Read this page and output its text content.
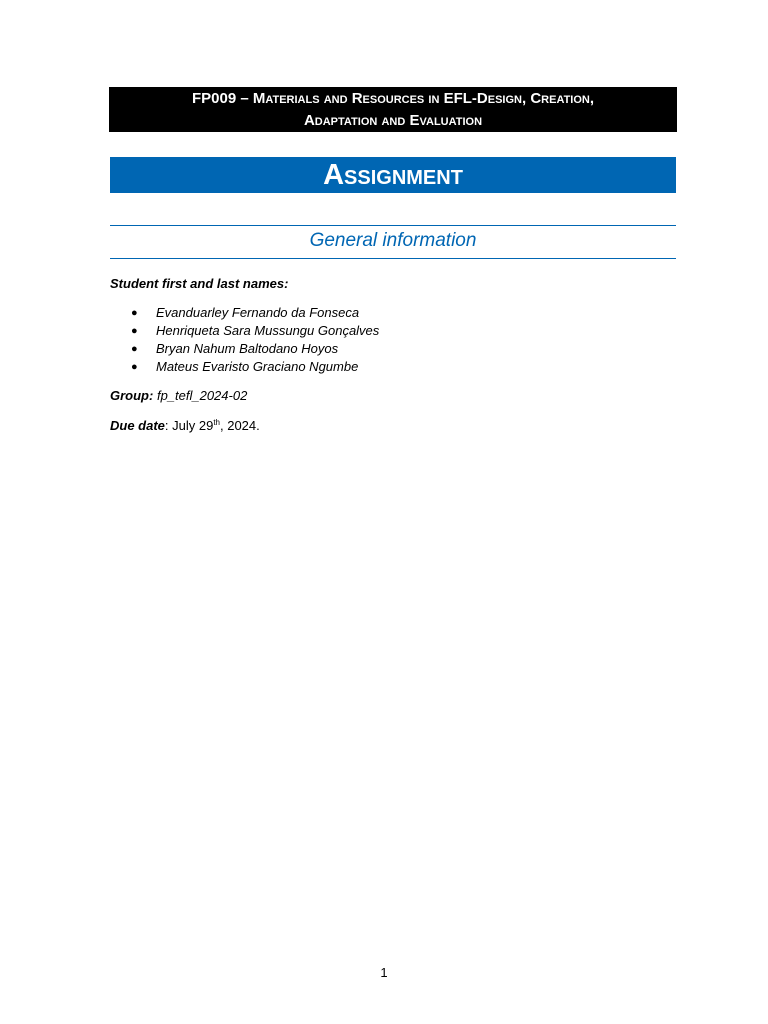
FP009 – Materials and Resources in EFL-Design, Creation,
Adaptation and Evaluation
Assignment
General information
Student first and last names:
● Evanduarley Fernando da Fonseca
● Henriqueta Sara Mussungu Gonçalves
● Bryan Nahum Baltodano Hoyos
● Mateus Evaristo Graciano Ngumbe
Group: fp_tefl_2024-02
Due date: July 29th, 2024.
1
